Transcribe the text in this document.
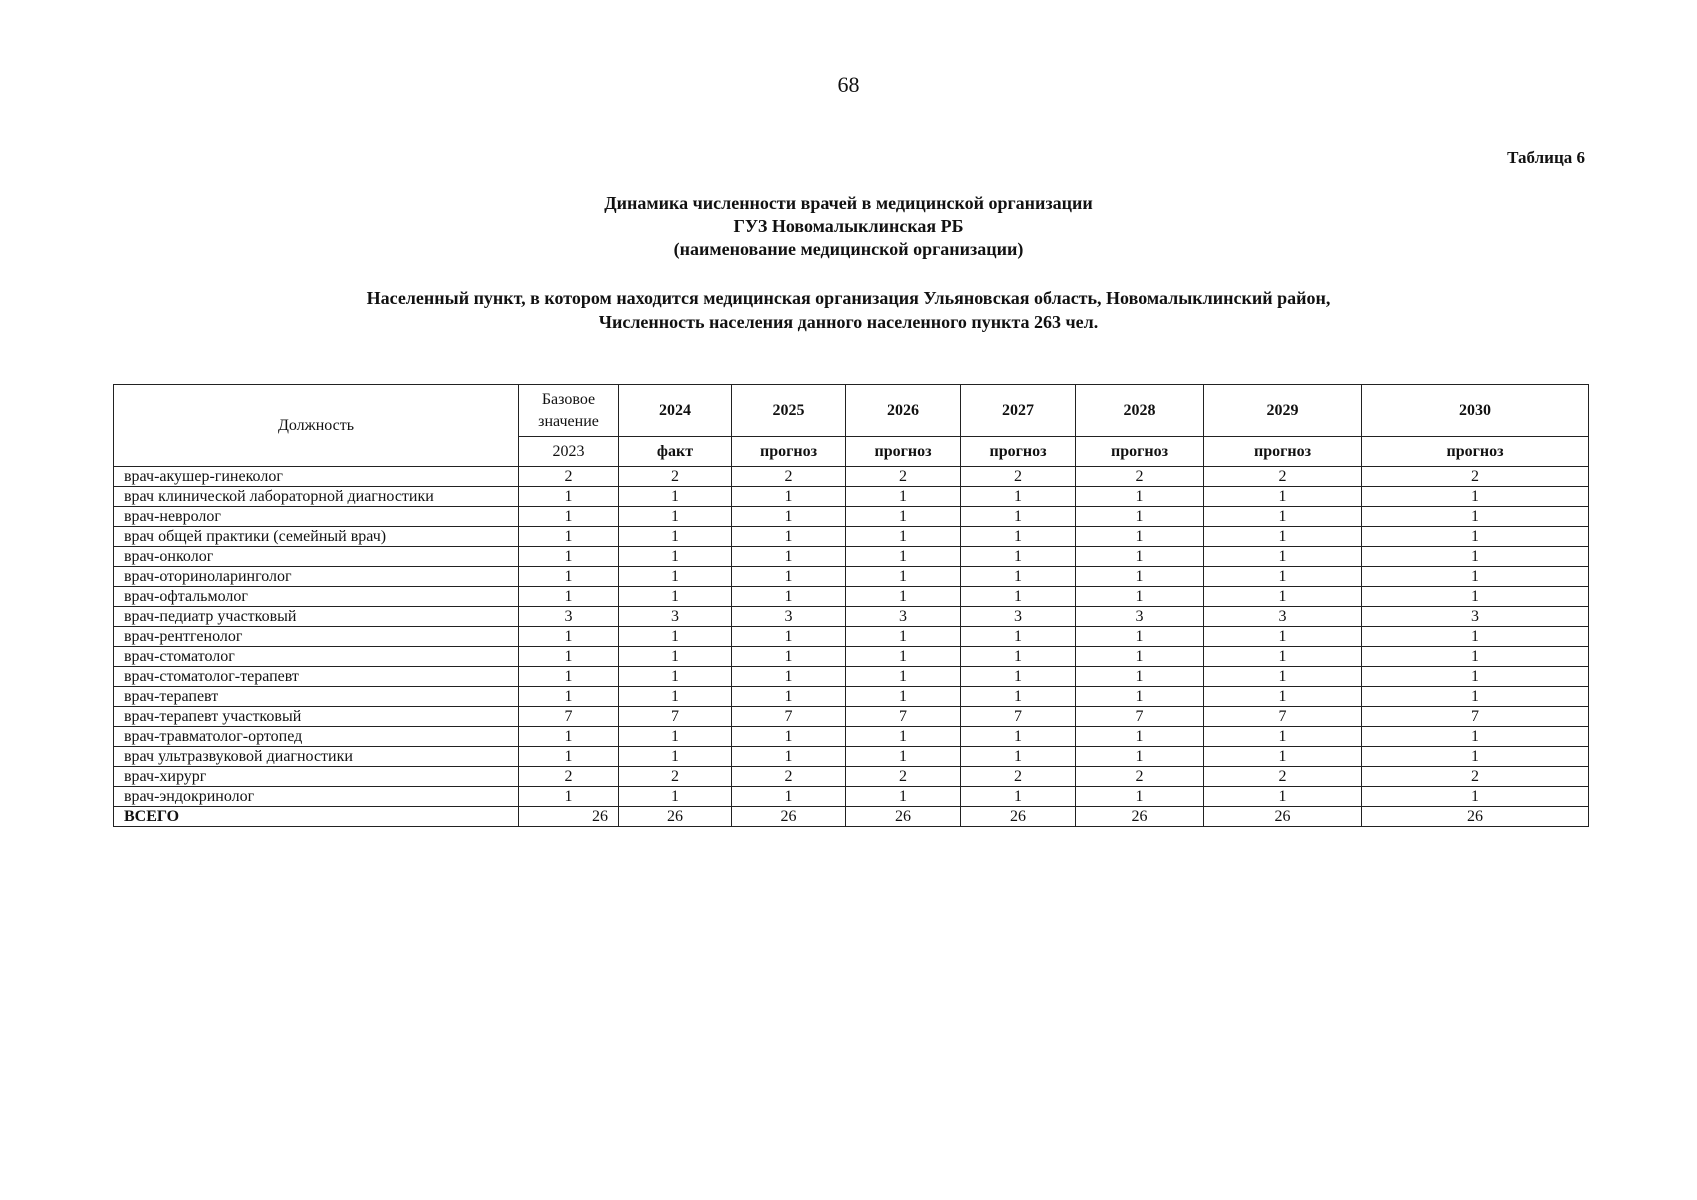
68
Таблица 6
Динамика численности врачей в медицинской организации
ГУЗ Новомалыклинская РБ
(наименование медицинской организации)
Населенный пункт, в котором находится медицинская организация Ульяновская область, Новомалыклинский район,
Численность населения данного населенного пункта 263 чел.
Должность	Базовое значение	2024	2025	2026	2027	2028	2029	2030
	2023	факт	прогноз	прогноз	прогноз	прогноз	прогноз	прогноз
врач-акушер-гинеколог	2	2	2	2	2	2	2	2
врач клинической лабораторной диагностики	1	1	1	1	1	1	1	1
врач-невролог	1	1	1	1	1	1	1	1
врач общей практики (семейный врач)	1	1	1	1	1	1	1	1
врач-онколог	1	1	1	1	1	1	1	1
врач-оториноларинголог	1	1	1	1	1	1	1	1
врач-офтальмолог	1	1	1	1	1	1	1	1
врач-педиатр участковый	3	3	3	3	3	3	3	3
врач-рентгенолог	1	1	1	1	1	1	1	1
врач-стоматолог	1	1	1	1	1	1	1	1
врач-стоматолог-терапевт	1	1	1	1	1	1	1	1
врач-терапевт	1	1	1	1	1	1	1	1
врач-терапевт участковый	7	7	7	7	7	7	7	7
врач-травматолог-ортопед	1	1	1	1	1	1	1	1
врач ультразвуковой диагностики	1	1	1	1	1	1	1	1
врач-хирург	2	2	2	2	2	2	2	2
врач-эндокринолог	1	1	1	1	1	1	1	1
ВСЕГО	26	26	26	26	26	26	26	26
